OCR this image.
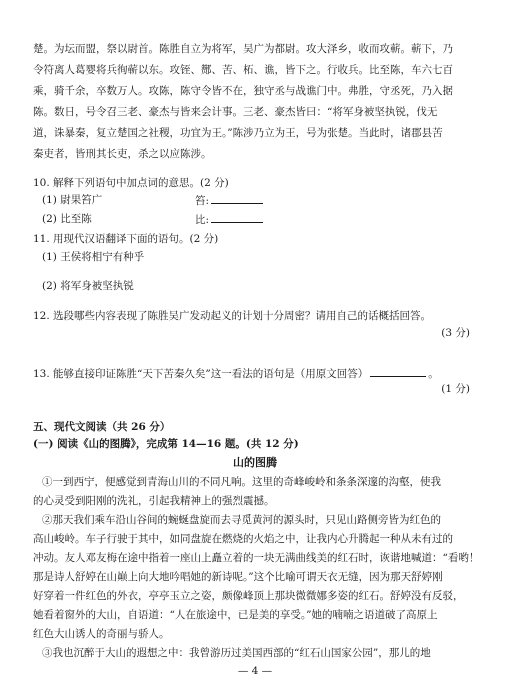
楚。为坛而盟，祭以尉首。陈胜自立为将军，吴广为都尉。攻大泽乡，收而攻蕲。蕲下，乃
令符离人葛婴将兵徇蕲以东。攻铚、酂、苦、柘、谯，皆下之。行收兵。比至陈，车六七百
乘，骑千余，卒数万人。攻陈，陈守令皆不在，独守丞与战谯门中。弗胜，守丞死，乃入据
陈。数日，号令召三老、豪杰与皆来会计事。三老、豪杰皆曰：“将军身被坚执锐，伐无
道，诛暴秦，复立楚国之社稷，功宜为王。”陈涉乃立为王，号为张楚。当此时，诸郡县苦
秦吏者，皆刑其长吏，杀之以应陈涉。
10. 解释下列语句中加点词的意思。(2 分)
(1) 尉果笞广	笞:
(2) 比至陈	比:
11. 用现代汉语翻译下面的语句。(2 分)
(1) 王侯将相宁有种乎
(2) 将军身被坚执锐
12. 选段哪些内容表现了陈胜吴广发动起义的计划十分周密？请用自己的话概括回答。
(3 分)
13. 能够直接印证陈胜“天下苦秦久矣”这一看法的语句是（用原文回答）	。
(1 分)
五、现代文阅读（共 26 分）
(一) 阅读《山的图腾》，完成第 14—16 题。(共 12 分)
山的图腾
①一到西宁，便感觉到青海山川的不同凡响。这里的奇峰峻岭和条条深邃的沟壑，使我
的心灵受到阳刚的洗礼，引起我精神上的强烈震撼。
②那天我们乘车沿山谷间的蜿蜒盘旋而去寻觅黄河的源头时，只见山路侧旁皆为红色的
高山峻岭。车子行驶于其中，如同盘旋在燃烧的火焰之中，让我内心升腾起一种从未有过的
冲动。友人邓友梅在途中指着一座山上矗立着的一块无满曲线美的红石时，诙谐地喊道：“看哟！
那是诗人舒婷在山巅上向大地吟唱她的新诗呢。”这个比喻可谓天衣无缝，因为那天舒婷刚
好穿着一件红色的外衣，亭亭玉立之姿，颇像峰顶上那块微微娜多姿的红石。舒婷没有反驳，
她看着窗外的大山，自语道：“人在旅途中，已是美的享受。”她的喃喃之语道破了高原上
红色大山诱人的奇丽与骄人。
③我也沉醉于大山的遐想之中：我曾游历过美国西部的“红石山国家公园”，那儿的地
— 4 —
